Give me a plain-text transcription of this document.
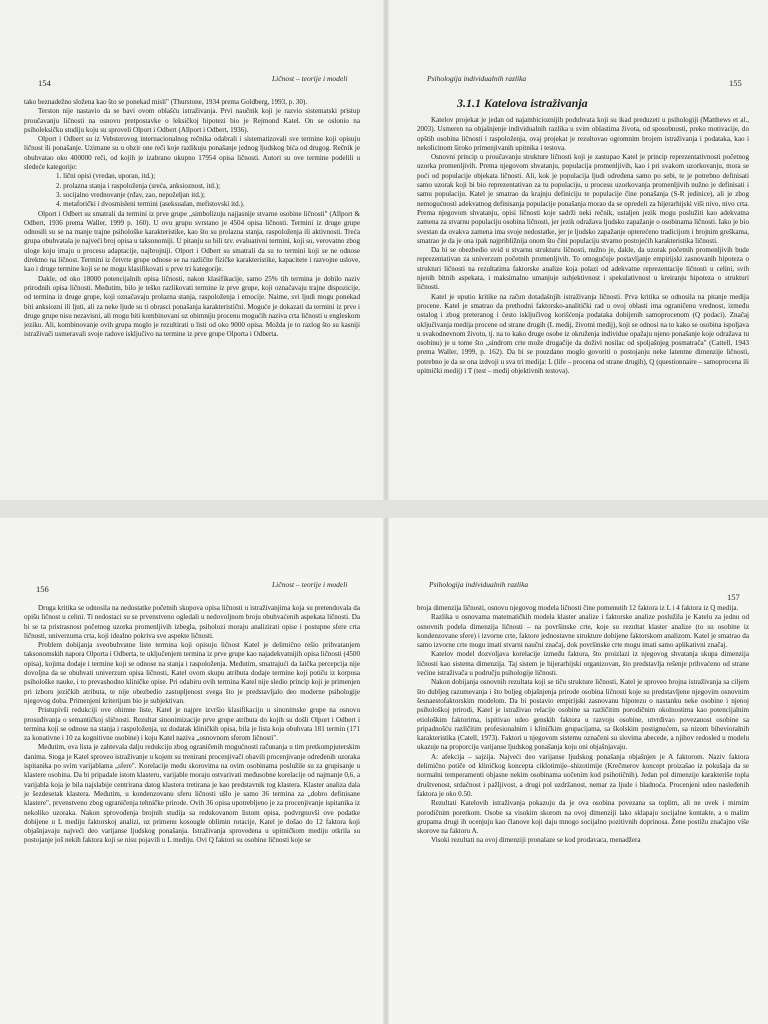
154	Ličnost – teorije i modeli

tako beznadežno složena kao što se ponekad misli" (Thurstone, 1934 prema Goldberg, 1993, p. 30).

Terston nije nastavio da se bavi ovom oblašću istraživanja. Prvi naučnik koji je razvio sistematski pristup proučavanju ličnosti na osnovu pretpostavke o leksičkoj hipotezi bio je Rejmond Katel. On se oslonio na psiholeksičku studiju koju su sproveli Olport i Odbert (Allport i Odbert, 1936).

Olport i Odbert su iz Vebsterovog internacionalnog rečnika odabrali i sistematizovali sve termine koji opisuju ličnost ili ponašanje. Uzimane su u obzir one reči koje razlikuju ponašanje jednog ljudskog bića od drugog. Rečnik je obuhvatao oko 400000 reči, od kojih je izabrano ukupno 17954 opisa ličnosti. Autori su ove termine podelili u sledeće kategorije:

1. lični opisi (vredan, uporan, itd.);
2. prolazna stanja i raspoloženja (sreća, anksioznost, itd.);
3. socijalno vrednovanje (rđav, zao, nepoželjan itd.);
4. metaforički i dvosmisleni termini (aseksualan, mefistovski itd.).

Olport i Odbert su smatrali da termini iz prve grupe „simbolizuju najjasnije stvarne osobine ličnosti" (Allport & Odbert, 1936 prema Waller, 1999 p. 160). U ovu grupu svrstano je 4504 opisa ličnosti. Termini iz druge grupe odnosili su se na manje trajne psihološke karakteristike, kao što su prolazna stanja, raspoloženja ili aktivnosti. Treća grupa obuhvatala je najveći broj opisa u taksonomiji. U pitanju su bili tzv. evaluativni termini, koji su, verovatno zbog uloge koju imaju u procesu adaptacije, najbrojniji. Olport i Odbert su smatrali da su to termini koji se ne odnose direktno na ličnost. Termini iz četvrte grupe odnose se na različite fizičke karakteristike, kapacitete i razvojne uslove, kao i druge termine koji se ne mogu klasifikovati u prve tri kategorije.

Dakle, od oko 18000 potencijalnih opisa ličnosti, nakon klasifikacije, samo 25% tih termina je dobilo naziv prirodnih opisa ličnosti. Međutim, bilo je teško razlikovati termine iz prve grupe, koji označavaju trajne dispozicije, od termina iz druge grupe, koji označavaju prolazna stanja, raspoloženja i emocije. Naime, svi ljudi mogu ponekad biti anksiozni ili ljuti, ali za neke ljude su ti obrasci ponašanja karakteristični. Moguće je dokazati da termini iz prve i druge grupe nisu nezavisni, ali mogu biti kombinovani uz obimniju procenu mogućih naziva crta ličnosti u engleskom jeziku. Ali, kombinovanje ovih grupa moglo je rezultirati u listi od oko 9000 opisa. Možda je to razlog što su kasniji istraživači usmeravali svoje radove isključivo na termine iz prve grupe Olporta i Odberta.

Psihologija individualnih razlika	155
3.1.1 Katelova istraživanja

Katelov projekat je jedan od najambicioznijih poduhvata koji su ikad preduzeti u psihologiji (Matthews et al., 2003). Usmeren na objašnjenje individualnih razlika u svim oblastima života, od sposobnosti, preko motivacije, do opštih osobina ličnosti i raspoloženja, ovaj projekat je rezultovao ogromnim brojem istraživanja i podataka, kao i nekolicinom široko primenjivanih upitnika i testova.

Osnovni princip u proučavanju strukture ličnosti koji je zastupao Katel je princip reprezentativnosti početnog uzorka promenljivih. Prema njegovom shvatanju, populacija promenljivih, kao i pri svakom uzorkovanju, mora se poći od populacije objekata ličnosti. Ali, kok je populacija ljudi određena samo po sebi, te je potrebno definisati samo uzorak koji bi bio reprezentativan za tu populaciju, u procesu uzorkovanja promenljivih nužno je definisati i samu populaciju. Katel je smatrao da krajnju definiciju te populacije čine ponašanja (S-R jedinice), ali je zbog nemogućnosti adekvatnog definisanja populacije ponašanja morao da se opredeli za hijerarhijski viši nivo, nivo crta. Prema njegovom shvatanju, opisi ličnosti koje sadrži neki rečnik, ustaljen jezik mogu poslužiti kao adekvatna zamena za stvarnu populaciju osobina ličnosti, jer jezik odražava ljudsko zapažanje o osobinama ličnosti. Iako je bio svestan da ovakva zamena ima svoje nedostatke, jer je ljudsko zapažanje opterećeno tradicijom i brojnim greškama, smatrao je da je ona ipak najpribližnija onom što čini populaciju stvarno postojećih karakteristika ličnosti.

Da bi se obezbedio uvid u stvarnu strukturu ličnosti, nužno je, dakle, da uzorak početnih promenljivih bude reprezentativan za univerzum početnih promenljivih. To omogućuje postavljanje empirijski zasnovanih hipoteza o strukturi ličnosti na rezultatima faktorske analize koja polazi od adekvatne reprezentacije ličnosti u celini, svih njenih bitnih aspekata, i maksimalno umanjuje subjektivnost i spekulativnost u kreiranju hipoteza o strukturi ličnosti.

Katel je uputio kritike na račun dotadašnjih istraživanja ličnosti. Prva kritika se odnosila na pitanje medija procene. Katel je smatrao da prethodni faktorsko-analitički rad u ovoj oblasti ima ograničenu vrednost, između ostalog i zbog preteranog i često isključivog korišćenja podataka dobijenih samoprocenom (Q podaci). Značaj uključivanja medija procene od strane drugih (L medij, životni medij), koji se odnosi na to kako se osobina ispoljava u svakodnevnom životu, tj. na to kako druge osobe iz okruženja individue opažaju njeno ponašanje koje odražava tu osobinu) je u tome što „sindrom crte može drugačije da doživi nosilac od spoljašnjeg posmatrača" (Cattell, 1943 prema Waller, 1999, p. 162). Da bi se pouzdano moglo govoriti o postojanju neke latentne dimenzije ličnosti, potrebno je da se ona izdvoji u sva tri medija: L (life – procena od strane drugih), Q (questionnaire – samoprocena ili upitnički medij) i T (test – medij objektivnih testova).

156	Ličnost – teorije i modeli

Druga kritika se odnosila na nedostatke početnih skupova opisa ličnosti u istraživanjima koja su pretendovala da opišu ličnost u celini. Ti nedostaci su se prvenstveno ogledali u nedovoljnom broju obuhvaćenih aspekata ličnosti. Da bi se ta pristrasnost početnog uzorka promenljivih izbegla, psiholozi moraju analizirati opise i postupne sfere crta ličnosti, univerzuma crta, koji idealno pokriva sve aspekte ličnosti.

Problem dobijanja sveobuhvatne liste termina koji opisuju ličnost Katel je delimično rešio prihvatanjem taksonomskih napora Olporta i Odberta, te uključenjem termina iz prve grupe kao najadekvatnijih opisa ličnosti (4500 opisa), kojima dodaje i termine koji se odnose na stanja i raspoloženja. Međutim, smatrajući da laička percepcija nije dovoljna da se obuhvati univerzum opisa ličnosti, Katel ovom skupu atributa dodaje termine koji potiču iz korpusa psihološke nauke, i to prevashodno kliničke opise. Pri odabiru ovih termina Katel nije sledio princip koji je primenjen pri izboru jezičkih atributa, te nije obezbedio zastupljenost svega što je predstavljalo deo moderne psihologije njegovog doba. Primenjeni kriterijum bio je subjektivan.

Pristupivši redukciji ove ohimne liste, Katel je najpre izvršio klasifikaciju u sinonimske grupe na osnovu prosuđivanja o semantičkoj sličnosti. Rezultat sinonimizacije prve grupe atributa do kojih su došli Olport i Odbert i termina koji se odnose na stanja i raspoloženja, uz dodatak kliničkih opisa, bila je lista koja obuhvata 181 termin (171 za konativne i 10 za kognitivne osobine) i koju Katel naziva „osnovnom sferom ličnosti".

Međutim, ova lista je zahtevala dalju redukciju zbog ograničenih mogućnosti računanja u tim pretkompjuterskim danima. Stoga je Katel sproveo istraživanje u kojem su trenirani procenjivači obavili procenjivanje određenih uzoraka ispitanika po svim varijablama „sfere". Korelacije među skorovima na ovim osobinama poslužile su za grupisanje u klastere osobina. Da bi pripadale istom klasteru, varijable moraju ostvarivati međusobne korelacije od najmanje 0,6, a varijabla koja je bila najslabije centrirana datog klastera tretirana je kao predstavnik tog klastera. Klaster analiza dala je šezdesetak klastera. Međutim, u kondenzovanu sferu ličnosti ušlo je samo 36 termina za „dobro definisane klastere", prvenstveno zbog ograničenja tehničke prirode. Ovih 36 opisa upotrebljeno je za procenjivanje ispitanika iz nekoliko uzoraka. Nakon sprovođenja brojnih studija sa redukovanom listom opisa, podvrgnuvši ove podatke dobijene u L mediju faktorskoj analizi, uz primenu kosougle oblimin rotacije, Katel je došao do 12 faktora koji objašnjavaju najveći deo varijanse ljudskog ponašanja. Istraživanja sprovedena u upitničkom mediju otkrila su postojanje još nekih faktora koji se nisu pojavili u L mediju. Ovi Q faktori su osobine ličnosti koje se

Psihologija individualnih razlika
157

broja dimenzija ličnosti, osnovu njegovog modela ličnosti čine pomenutih 12 faktora iz L i 4 faktora iz Q medija.

Razlika u osnovama matematičkih modela klaster analize i faktorske analize poslužila je Katelu za jednu od osnovnih podela dimenzija ličnosti – na površinske crte, koje su rezultat klaster analize (to su osobine iz kondenzovane sfere) i izvorne crte, faktore jednostavne strukture dobijene faktorskom analizom. Katel je smatrao da samo izvorne crte mogu imati stvarni naučni značaj, dok površinske crte mogu imati samo aplikativni značaj.

Katelov model dozvoljava korelacije između faktora, što proizlazi iz njegovog shvatanja skupa dimenzija ličnosti kao sistema dimenzija. Taj sistem je hijerarhijski organizovan, što predstavlja rešenje prihvaćeno od strane većine istraživača u području psihologije ličnosti.

Nakon dobijanja osnovnih rezultata koji se tiču strukture ličnosti, Katel je sproveo brojna istraživanja sa ciljem što dubljeg razumevanja i što boljeg objašnjenja prirode osobina ličnosti koje su predstavljene njegovim osnovnim šesnaestofaktorskim modelom. Da bi postavio empirijski zasnovanu hipotezu o nastanku neke osobine i njenoj psihološkoj prirodi, Katel je istraživao relacije osobine sa različitim porodičnim okolnostima kao potencijalnim etiološkim faktorima, ispitivao udeo genskih faktora u razvoju osobine, utvrđivao povezanost osobine sa pripadnošću različitim profesionalnim i kliničkim grupacijama, sa školskim postignućem, sa nizom bihevioralnih karakteristika (Catell, 1973). Faktori u njegovom sistemu označeni su slovima abecede, a njihov redosled u modelu ukazuje na proporciju varijanse ljudskog ponašanja koju oni objašnjavaju.

A: afekcija – sajzija. Najveći deo varijanse ljudskog ponašanja objašnjen je A faktorom. Naziv faktora delimično potiče od kliničkog koncepta ciklotimije–shizotimije (Krečmerov koncept proizašao iz pokušaja da se normalni temperamenti objasne nekim osobinama uočenim kod psihotičnih). Jedan pol dimenzije karakteriše topla društvenost, srdačnost i pažljivost, a drugi pol uzdržanost, nemar za ljude i hladnoća. Procenjeni udeo nasleđenih faktora je oko 0.50.

Rezultati Katelovih istraživanja pokazuju da je ova osobina povezana sa toplim, ali ne uvek i mirnim porodičnim poretkom. Osobe sa visokim skorom na ovoj dimenziji lako sklapaju socijalne kontakte, a u malim grupama drugi ih ocenjuju kao članove koji daju mnogo socijalno pozitivnih doprinosa. Žene postižu značajno više skorove na faktoru A.

Visoki rezultati na ovoj dimenziji pronalaze se kod prodavaca, menadžera
